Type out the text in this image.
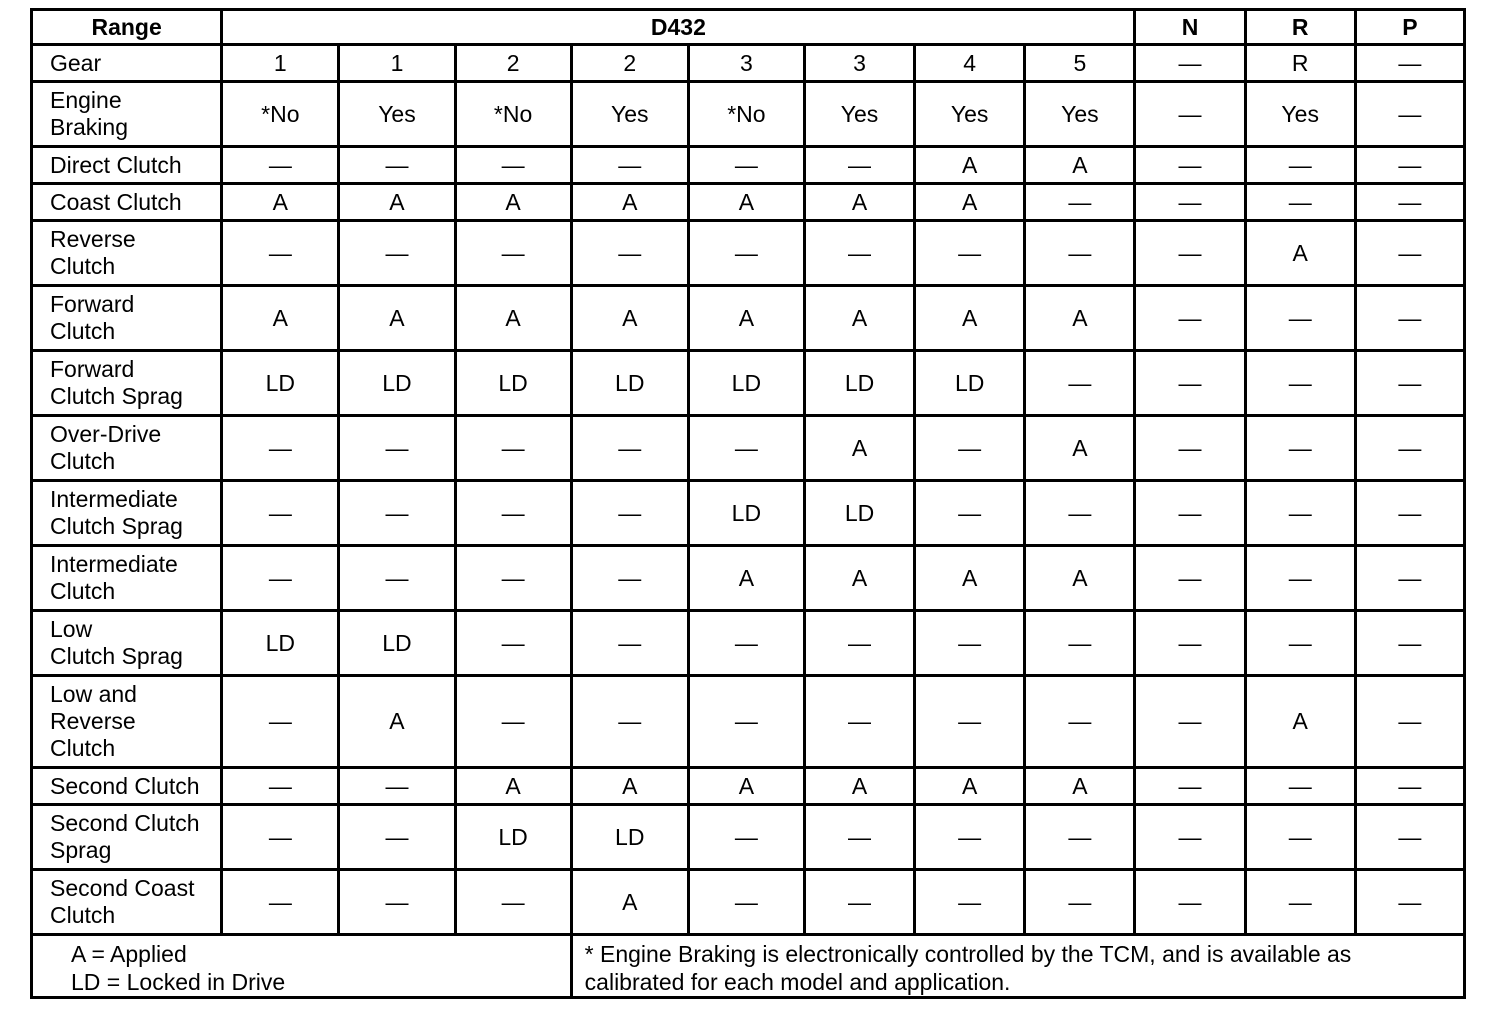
Range	D432								N	R	P
Gear	1	1	2	2	3	3	4	5	—	R	—
Engine
Braking	*No	Yes	*No	Yes	*No	Yes	Yes	Yes	—	Yes	—
Direct Clutch	—	—	—	—	—	—	A	A	—	—	—
Coast Clutch	A	A	A	A	A	A	A	—	—	—	—
Reverse
Clutch	—	—	—	—	—	—	—	—	—	A	—
Forward
Clutch	A	A	A	A	A	A	A	A	—	—	—
Forward
Clutch Sprag	LD	LD	LD	LD	LD	LD	LD	—	—	—	—
Over-Drive
Clutch	—	—	—	—	—	A	—	A	—	—	—
Intermediate
Clutch Sprag	—	—	—	—	LD	LD	—	—	—	—	—
Intermediate
Clutch	—	—	—	—	A	A	A	A	—	—	—
Low
Clutch Sprag	LD	LD	—	—	—	—	—	—	—	—	—
Low and
Reverse
Clutch	—	A	—	—	—	—	—	—	—	A	—
Second Clutch	—	—	A	A	A	A	A	A	—	—	—
Second Clutch
Sprag	—	—	LD	LD	—	—	—	—	—	—	—
Second Coast
Clutch	—	—	—	A	—	—	—	—	—	—	—
A = Applied
LD = Locked in Drive				* Engine Braking is electronically controlled by the TCM, and is available as
calibrated for each model and application.							
